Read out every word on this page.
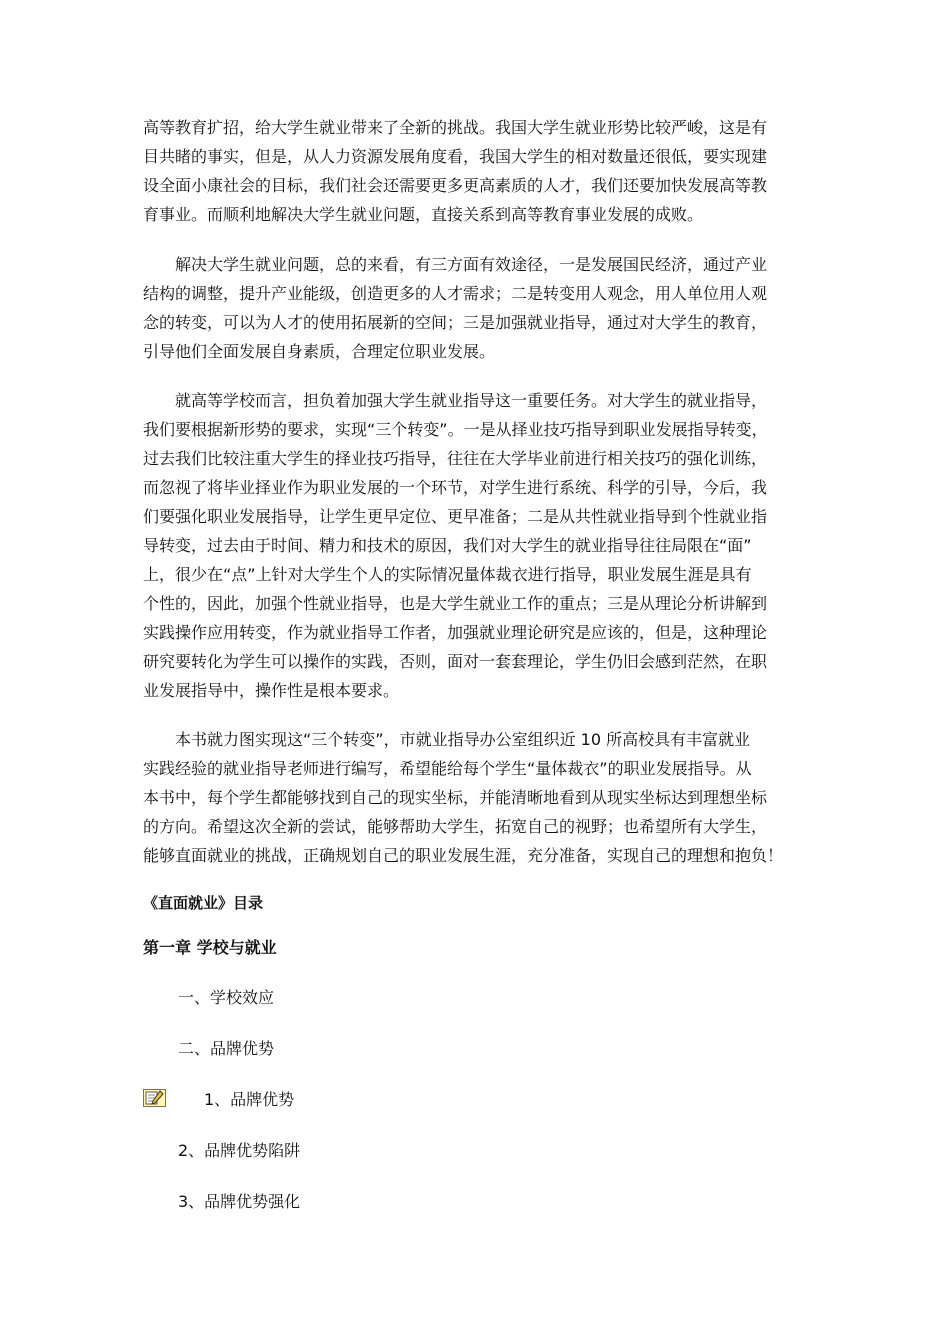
高等教育扩招，给大学生就业带来了全新的挑战。我国大学生就业形势比较严峻，这是有
目共睹的事实，但是，从人力资源发展角度看，我国大学生的相对数量还很低，要实现建
设全面小康社会的目标，我们社会还需要更多更高素质的人才，我们还要加快发展高等教
育事业。而顺利地解决大学生就业问题，直接关系到高等教育事业发展的成败。

　　解决大学生就业问题，总的来看，有三方面有效途径，一是发展国民经济，通过产业
结构的调整，提升产业能级，创造更多的人才需求；二是转变用人观念，用人单位用人观
念的转变，可以为人才的使用拓展新的空间；三是加强就业指导，通过对大学生的教育，
引导他们全面发展自身素质，合理定位职业发展。

　　就高等学校而言，担负着加强大学生就业指导这一重要任务。对大学生的就业指导，
我们要根据新形势的要求，实现“三个转变”。一是从择业技巧指导到职业发展指导转变，
过去我们比较注重大学生的择业技巧指导，往往在大学毕业前进行相关技巧的强化训练，
而忽视了将毕业择业作为职业发展的一个环节，对学生进行系统、科学的引导，今后，我
们要强化职业发展指导，让学生更早定位、更早准备；二是从共性就业指导到个性就业指
导转变，过去由于时间、精力和技术的原因，我们对大学生的就业指导往往局限在“面”
上，很少在“点”上针对大学生个人的实际情况量体裁衣进行指导，职业发展生涯是具有
个性的，因此，加强个性就业指导，也是大学生就业工作的重点；三是从理论分析讲解到
实践操作应用转变，作为就业指导工作者，加强就业理论研究是应该的，但是，这种理论
研究要转化为学生可以操作的实践，否则，面对一套套理论，学生仍旧会感到茫然，在职
业发展指导中，操作性是根本要求。

　　本书就力图实现这“三个转变”，市就业指导办公室组织近 10 所高校具有丰富就业
实践经验的就业指导老师进行编写，希望能给每个学生“量体裁衣”的职业发展指导。从
本书中，每个学生都能够找到自己的现实坐标，并能清晰地看到从现实坐标达到理想坐标
的方向。希望这次全新的尝试，能够帮助大学生，拓宽自己的视野；也希望所有大学生，
能够直面就业的挑战，正确规划自己的职业发展生涯，充分准备，实现自己的理想和抱负！

《直面就业》目录
第一章 学校与就业
一、学校效应
二、品牌优势
1、品牌优势
2、品牌优势陷阱
3、品牌优势强化
